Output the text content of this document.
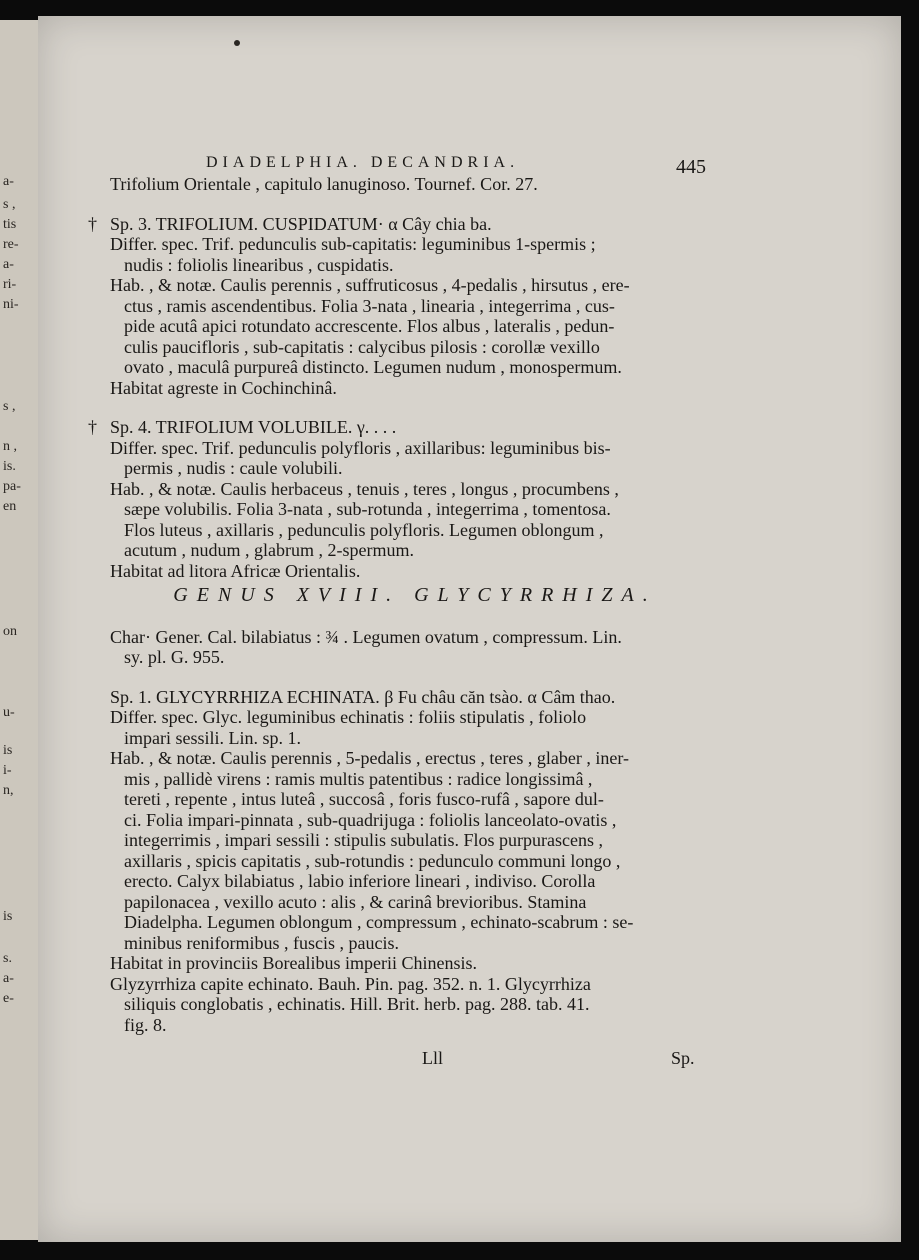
a-
s ,
tis
re-
a-
ri-
ni-
s ,
n ,
is.
pa-
en
on
u-
is
i-
n,
is
s.
a-
e-
DIADELPHIA. DECANDRIA.	445
Trifolium Orientale , capitulo lanuginoso. Tournef. Cor. 27.
† Sp. 3. TRIFOLIUM. CUSPIDATUM· α Cây chia ba.
Differ. spec. Trif. pedunculis sub-capitatis: leguminibus 1-spermis ;
nudis : foliolis linearibus , cuspidatis.
Hab. , & notæ. Caulis perennis , suffruticosus , 4-pedalis , hirsutus , ere-
ctus , ramis ascendentibus. Folia 3-nata , linearia , integerrima , cus-
pide acutâ apici rotundato accrescente. Flos albus , lateralis , pedun-
culis paucifloris , sub-capitatis : calycibus pilosis : corollæ vexillo
ovato , maculâ purpureâ distincto. Legumen nudum , monospermum.
Habitat agreste in Cochinchinâ.
† Sp. 4. TRIFOLIUM VOLUBILE. γ. . . .
Differ. spec. Trif. pedunculis polyfloris , axillaribus: leguminibus bis-
permis , nudis : caule volubili.
Hab. , & notæ. Caulis herbaceus , tenuis , teres , longus , procumbens ,
sæpe volubilis. Folia 3-nata , sub-rotunda , integerrima , tomentosa.
Flos luteus , axillaris , pedunculis polyfloris. Legumen oblongum ,
acutum , nudum , glabrum , 2-spermum.
Habitat ad litora Africæ Orientalis.
GENUS XVIII. GLYCYRRHIZA.
Char· Gener. Cal. bilabiatus : ¾ . Legumen ovatum , compressum. Lin.
sy. pl. G. 955.
Sp. 1. GLYCYRRHIZA ECHINATA. β Fu châu căn tsào. α Câm thao.
Differ. spec. Glyc. leguminibus echinatis : foliis stipulatis , foliolo
impari sessili. Lin. sp. 1.
Hab. , & notæ. Caulis perennis , 5-pedalis , erectus , teres , glaber , iner-
mis , pallidè virens : ramis multis patentibus : radice longissimâ ,
tereti , repente , intus luteâ , succosâ , foris fusco-rufâ , sapore dul-
ci. Folia impari-pinnata , sub-quadrijuga : foliolis lanceolato-ovatis ,
integerrimis , impari sessili : stipulis subulatis. Flos purpurascens ,
axillaris , spicis capitatis , sub-rotundis : pedunculo communi longo ,
erecto. Calyx bilabiatus , labio inferiore lineari , indiviso. Corolla
papilonacea , vexillo acuto : alis , & carinâ brevioribus. Stamina
Diadelpha. Legumen oblongum , compressum , echinato-scabrum : se-
minibus reniformibus , fuscis , paucis.
Habitat in provinciis Borealibus imperii Chinensis.
Glyzyrrhiza capite echinato. Bauh. Pin. pag. 352. n. 1. Glycyrrhiza
siliquis conglobatis , echinatis. Hill. Brit. herb. pag. 288. tab. 41.
fig. 8.
Lll	Sp.
